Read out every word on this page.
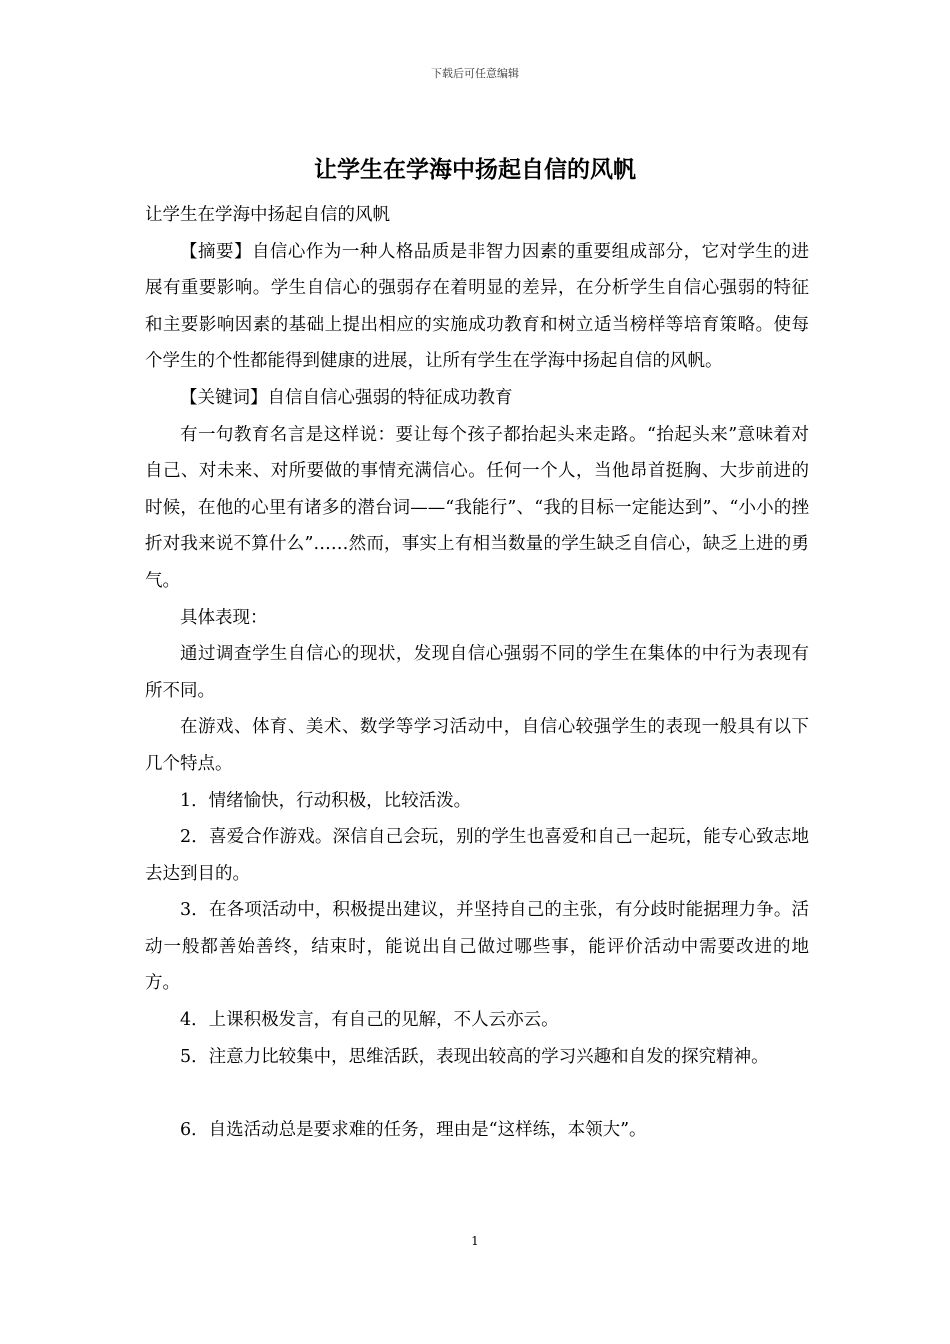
下载后可任意编辑
让学生在学海中扬起自信的风帆

让学生在学海中扬起自信的风帆

【摘要】自信心作为一种人格品质是非智力因素的重要组成部分，它对学生的进展有重要影响。学生自信心的强弱存在着明显的差异，在分析学生自信心强弱的特征和主要影响因素的基础上提出相应的实施成功教育和树立适当榜样等培育策略。使每个学生的个性都能得到健康的进展，让所有学生在学海中扬起自信的风帆。

【关键词】自信自信心强弱的特征成功教育

有一句教育名言是这样说：要让每个孩子都抬起头来走路。“抬起头来”意味着对自己、对未来、对所要做的事情充满信心。任何一个人，当他昂首挺胸、大步前进的时候，在他的心里有诸多的潜台词——“我能行”、“我的目标一定能达到”、“小小的挫折对我来说不算什么”……然而，事实上有相当数量的学生缺乏自信心，缺乏上进的勇气。

具体表现：

通过调查学生自信心的现状，发现自信心强弱不同的学生在集体的中行为表现有所不同。

在游戏、体育、美术、数学等学习活动中，自信心较强学生的表现一般具有以下几个特点。

1．情绪愉快，行动积极，比较活泼。

2．喜爱合作游戏。深信自己会玩，别的学生也喜爱和自己一起玩，能专心致志地去达到目的。

3．在各项活动中，积极提出建议，并坚持自己的主张，有分歧时能据理力争。活动一般都善始善终，结束时，能说出自己做过哪些事，能评价活动中需要改进的地方。

4．上课积极发言，有自己的见解，不人云亦云。

5．注意力比较集中，思维活跃，表现出较高的学习兴趣和自发的探究精神。

6．自选活动总是要求难的任务，理由是“这样练，本领大”。

1
